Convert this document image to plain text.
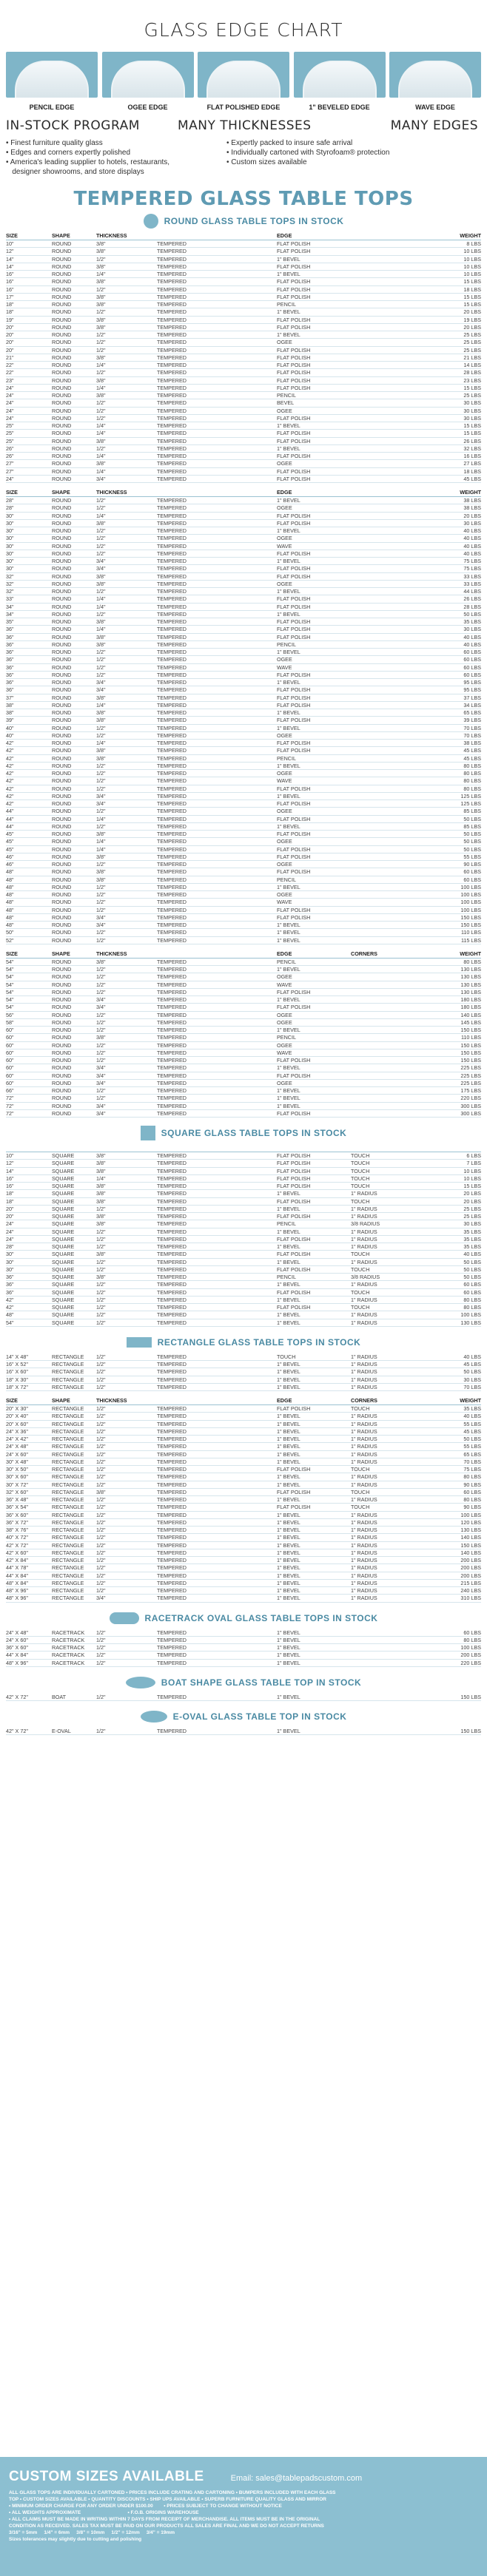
GLASS EDGE CHART
PENCIL EDGE	OGEE EDGE	FLAT POLISHED EDGE	1" BEVELED EDGE	WAVE EDGE
IN-STOCK PROGRAM	MANY THICKNESSES	MANY EDGES
• Finest furniture quality glass
• Edges and corners expertly polished
• America's leading supplier to hotels, restaurants,
designer showrooms, and store displays
• Expertly packed to insure safe arrival
• Individually cartoned with Styrofoam® protection
• Custom sizes available
TEMPERED GLASS TABLE TOPS
ROUND GLASS TABLE TOPS IN STOCK
SIZE	SHAPE	THICKNESS	EDGE	WEIGHT
10"	ROUND	3/8"	TEMPERED	FLAT POLISH	8 LBS
12"	ROUND	3/8"	TEMPERED	FLAT POLISH	10 LBS
14"	ROUND	1/2"	TEMPERED	1" BEVEL	10 LBS
14"	ROUND	3/8"	TEMPERED	FLAT POLISH	10 LBS
16"	ROUND	1/4"	TEMPERED	1" BEVEL	10 LBS
16"	ROUND	3/8"	TEMPERED	FLAT POLISH	15 LBS
16"	ROUND	1/2"	TEMPERED	FLAT POLISH	18 LBS
17"	ROUND	3/8"	TEMPERED	FLAT POLISH	15 LBS
18"	ROUND	3/8"	TEMPERED	PENCIL	15 LBS
18"	ROUND	1/2"	TEMPERED	1" BEVEL	20 LBS
19"	ROUND	3/8"	TEMPERED	FLAT POLISH	19 LBS
20"	ROUND	3/8"	TEMPERED	FLAT POLISH	20 LBS
20"	ROUND	1/2"	TEMPERED	1" BEVEL	25 LBS
20"	ROUND	1/2"	TEMPERED	OGEE	25 LBS
20"	ROUND	1/2"	TEMPERED	FLAT POLISH	25 LBS
21"	ROUND	3/8"	TEMPERED	FLAT POLISH	21 LBS
22"	ROUND	1/4"	TEMPERED	FLAT POLISH	14 LBS
22"	ROUND	1/2"	TEMPERED	FLAT POLISH	28 LBS
23"	ROUND	3/8"	TEMPERED	FLAT POLISH	23 LBS
24"	ROUND	1/4"	TEMPERED	FLAT POLISH	15 LBS
24"	ROUND	3/8"	TEMPERED	PENCIL	25 LBS
24"	ROUND	1/2"	TEMPERED	BEVEL	30 LBS
24"	ROUND	1/2"	TEMPERED	OGEE	30 LBS
24"	ROUND	1/2"	TEMPERED	FLAT POLISH	30 LBS
25"	ROUND	1/4"	TEMPERED	1" BEVEL	15 LBS
25"	ROUND	1/4"	TEMPERED	FLAT POLISH	15 LBS
25"	ROUND	3/8"	TEMPERED	FLAT POLISH	26 LBS
26"	ROUND	1/2"	TEMPERED	1" BEVEL	32 LBS
26"	ROUND	1/4"	TEMPERED	FLAT POLISH	16 LBS
27"	ROUND	3/8"	TEMPERED	OGEE	27 LBS
27"	ROUND	1/4"	TEMPERED	FLAT POLISH	18 LBS
24"	ROUND	3/4"	TEMPERED	FLAT POLISH	45 LBS
SIZE	SHAPE	THICKNESS	EDGE	WEIGHT
28"	ROUND	1/2"	TEMPERED	1" BEVEL	38 LBS
28"	ROUND	1/2"	TEMPERED	OGEE	38 LBS
30"	ROUND	1/4"	TEMPERED	FLAT POLISH	20 LBS
30"	ROUND	3/8"	TEMPERED	FLAT POLISH	30 LBS
30"	ROUND	1/2"	TEMPERED	1" BEVEL	40 LBS
30"	ROUND	1/2"	TEMPERED	OGEE	40 LBS
30"	ROUND	1/2"	TEMPERED	WAVE	40 LBS
30"	ROUND	1/2"	TEMPERED	FLAT POLISH	40 LBS
30"	ROUND	3/4"	TEMPERED	1" BEVEL	75 LBS
30"	ROUND	3/4"	TEMPERED	FLAT POLISH	75 LBS
32"	ROUND	3/8"	TEMPERED	FLAT POLISH	33 LBS
32"	ROUND	3/8"	TEMPERED	OGEE	33 LBS
32"	ROUND	1/2"	TEMPERED	1" BEVEL	44 LBS
33"	ROUND	1/4"	TEMPERED	FLAT POLISH	26 LBS
34"	ROUND	1/4"	TEMPERED	FLAT POLISH	28 LBS
34"	ROUND	1/2"	TEMPERED	1" BEVEL	50 LBS
35"	ROUND	3/8"	TEMPERED	FLAT POLISH	35 LBS
36"	ROUND	1/4"	TEMPERED	FLAT POLISH	30 LBS
36"	ROUND	3/8"	TEMPERED	FLAT POLISH	40 LBS
36"	ROUND	3/8"	TEMPERED	PENCIL	40 LBS
36"	ROUND	1/2"	TEMPERED	1" BEVEL	60 LBS
36"	ROUND	1/2"	TEMPERED	OGEE	60 LBS
36"	ROUND	1/2"	TEMPERED	WAVE	60 LBS
36"	ROUND	1/2"	TEMPERED	FLAT POLISH	60 LBS
36"	ROUND	3/4"	TEMPERED	1" BEVEL	95 LBS
36"	ROUND	3/4"	TEMPERED	FLAT POLISH	95 LBS
37"	ROUND	3/8"	TEMPERED	FLAT POLISH	37 LBS
38"	ROUND	1/4"	TEMPERED	FLAT POLISH	34 LBS
38"	ROUND	3/8"	TEMPERED	1" BEVEL	65 LBS
39"	ROUND	3/8"	TEMPERED	FLAT POLISH	39 LBS
40"	ROUND	1/2"	TEMPERED	1" BEVEL	70 LBS
40"	ROUND	1/2"	TEMPERED	OGEE	70 LBS
42"	ROUND	1/4"	TEMPERED	FLAT POLISH	38 LBS
42"	ROUND	3/8"	TEMPERED	FLAT POLISH	45 LBS
42"	ROUND	3/8"	TEMPERED	PENCIL	45 LBS
42"	ROUND	1/2"	TEMPERED	1" BEVEL	80 LBS
42"	ROUND	1/2"	TEMPERED	OGEE	80 LBS
42"	ROUND	1/2"	TEMPERED	WAVE	80 LBS
42"	ROUND	1/2"	TEMPERED	FLAT POLISH	80 LBS
42"	ROUND	3/4"	TEMPERED	1" BEVEL	125 LBS
42"	ROUND	3/4"	TEMPERED	FLAT POLISH	125 LBS
44"	ROUND	1/2"	TEMPERED	OGEE	85 LBS
44"	ROUND	1/4"	TEMPERED	FLAT POLISH	50 LBS
44"	ROUND	1/2"	TEMPERED	1" BEVEL	85 LBS
45"	ROUND	3/8"	TEMPERED	FLAT POLISH	50 LBS
45"	ROUND	1/4"	TEMPERED	OGEE	50 LBS
45"	ROUND	1/4"	TEMPERED	FLAT POLISH	50 LBS
46"	ROUND	3/8"	TEMPERED	FLAT POLISH	55 LBS
46"	ROUND	1/2"	TEMPERED	OGEE	90 LBS
48"	ROUND	3/8"	TEMPERED	FLAT POLISH	60 LBS
48"	ROUND	3/8"	TEMPERED	PENCIL	60 LBS
48"	ROUND	1/2"	TEMPERED	1" BEVEL	100 LBS
48"	ROUND	1/2"	TEMPERED	OGEE	100 LBS
48"	ROUND	1/2"	TEMPERED	WAVE	100 LBS
48"	ROUND	1/2"	TEMPERED	FLAT POLISH	100 LBS
48"	ROUND	3/4"	TEMPERED	FLAT POLISH	150 LBS
48"	ROUND	3/4"	TEMPERED	1" BEVEL	150 LBS
50"	ROUND	1/2"	TEMPERED	1" BEVEL	110 LBS
52"	ROUND	1/2"	TEMPERED	1" BEVEL	115 LBS
SIZE	SHAPE	THICKNESS	EDGE	CORNERS	WEIGHT
54"	ROUND	3/8"	TEMPERED	PENCIL	80 LBS
54"	ROUND	1/2"	TEMPERED	1" BEVEL	130 LBS
54"	ROUND	1/2"	TEMPERED	OGEE	130 LBS
54"	ROUND	1/2"	TEMPERED	WAVE	130 LBS
54"	ROUND	1/2"	TEMPERED	FLAT POLISH	130 LBS
54"	ROUND	3/4"	TEMPERED	1" BEVEL	180 LBS
54"	ROUND	3/4"	TEMPERED	FLAT POLISH	180 LBS
56"	ROUND	1/2"	TEMPERED	OGEE	140 LBS
58"	ROUND	1/2"	TEMPERED	OGEE	145 LBS
60"	ROUND	1/2"	TEMPERED	1" BEVEL	150 LBS
60"	ROUND	3/8"	TEMPERED	PENCIL	110 LBS
60"	ROUND	1/2"	TEMPERED	OGEE	150 LBS
60"	ROUND	1/2"	TEMPERED	WAVE	150 LBS
60"	ROUND	1/2"	TEMPERED	FLAT POLISH	150 LBS
60"	ROUND	3/4"	TEMPERED	1" BEVEL	225 LBS
60"	ROUND	3/4"	TEMPERED	FLAT POLISH	225 LBS
60"	ROUND	3/4"	TEMPERED	OGEE	225 LBS
66"	ROUND	1/2"	TEMPERED	1" BEVEL	175 LBS
72"	ROUND	1/2"	TEMPERED	1" BEVEL	220 LBS
72"	ROUND	3/4"	TEMPERED	1" BEVEL	300 LBS
72"	ROUND	3/4"	TEMPERED	FLAT POLISH	300 LBS
SQUARE GLASS TABLE TOPS IN STOCK
10"	SQUARE	3/8"	TEMPERED	FLAT POLISH	TOUCH	6 LBS
12"	SQUARE	3/8"	TEMPERED	FLAT POLISH	TOUCH	7 LBS
14"	SQUARE	3/8"	TEMPERED	FLAT POLISH	TOUCH	10 LBS
16"	SQUARE	1/4"	TEMPERED	FLAT POLISH	TOUCH	10 LBS
16"	SQUARE	3/8"	TEMPERED	FLAT POLISH	TOUCH	15 LBS
18"	SQUARE	3/8"	TEMPERED	1" BEVEL	1" RADIUS	20 LBS
18"	SQUARE	3/8"	TEMPERED	FLAT POLISH	TOUCH	20 LBS
20"	SQUARE	1/2"	TEMPERED	1" BEVEL	1" RADIUS	25 LBS
20"	SQUARE	3/8"	TEMPERED	FLAT POLISH	1" RADIUS	25 LBS
24"	SQUARE	3/8"	TEMPERED	PENCIL	3/8 RADIUS	30 LBS
24"	SQUARE	1/2"	TEMPERED	1" BEVEL	1" RADIUS	35 LBS
24"	SQUARE	1/2"	TEMPERED	FLAT POLISH	1" RADIUS	35 LBS
28"	SQUARE	1/2"	TEMPERED	1" BEVEL	1" RADIUS	35 LBS
30"	SQUARE	3/8"	TEMPERED	FLAT POLISH	TOUCH	40 LBS
30"	SQUARE	1/2"	TEMPERED	1" BEVEL	1" RADIUS	50 LBS
30"	SQUARE	1/2"	TEMPERED	FLAT POLISH	TOUCH	50 LBS
36"	SQUARE	3/8"	TEMPERED	PENCIL	3/8 RADIUS	50 LBS
36"	SQUARE	1/2"	TEMPERED	1" BEVEL	1" RADIUS	60 LBS
36"	SQUARE	1/2"	TEMPERED	FLAT POLISH	TOUCH	60 LBS
42"	SQUARE	1/2"	TEMPERED	1" BEVEL	1" RADIUS	80 LBS
42"	SQUARE	1/2"	TEMPERED	FLAT POLISH	TOUCH	80 LBS
48"	SQUARE	1/2"	TEMPERED	1" BEVEL	1" RADIUS	100 LBS
54"	SQUARE	1/2"	TEMPERED	1" BEVEL	1" RADIUS	130 LBS
RECTANGLE GLASS TABLE TOPS IN STOCK
14" X 48"	RECTANGLE	1/2"	TEMPERED	TOUCH	1" RADIUS	40 LBS
16" X 52"	RECTANGLE	1/2"	TEMPERED	1" BEVEL	1" RADIUS	45 LBS
16" X 60"	RECTANGLE	1/2"	TEMPERED	1" BEVEL	1" RADIUS	50 LBS
18" X 30"	RECTANGLE	1/2"	TEMPERED	1" BEVEL	1" RADIUS	30 LBS
18" X 72"	RECTANGLE	1/2"	TEMPERED	1" BEVEL	1" RADIUS	70 LBS
SIZE	SHAPE	THICKNESS	EDGE	CORNERS	WEIGHT
20" X 30"	RECTANGLE	1/2"	TEMPERED	FLAT POLISH	TOUCH	35 LBS
20" X 40"	RECTANGLE	1/2"	TEMPERED	1" BEVEL	1" RADIUS	40 LBS
20" X 60"	RECTANGLE	1/2"	TEMPERED	1" BEVEL	1" RADIUS	55 LBS
24" X 36"	RECTANGLE	1/2"	TEMPERED	1" BEVEL	1" RADIUS	45 LBS
24" X 42"	RECTANGLE	1/2"	TEMPERED	1" BEVEL	1" RADIUS	50 LBS
24" X 48"	RECTANGLE	1/2"	TEMPERED	1" BEVEL	1" RADIUS	55 LBS
24" X 60"	RECTANGLE	1/2"	TEMPERED	1" BEVEL	1" RADIUS	65 LBS
30" X 48"	RECTANGLE	1/2"	TEMPERED	1" BEVEL	1" RADIUS	70 LBS
30" X 50"	RECTANGLE	1/2"	TEMPERED	FLAT POLISH	TOUCH	75 LBS
30" X 60"	RECTANGLE	1/2"	TEMPERED	1" BEVEL	1" RADIUS	80 LBS
30" X 72"	RECTANGLE	1/2"	TEMPERED	1" BEVEL	1" RADIUS	90 LBS
32" X 60"	RECTANGLE	3/8"	TEMPERED	FLAT POLISH	TOUCH	60 LBS
36" X 48"	RECTANGLE	1/2"	TEMPERED	1" BEVEL	1" RADIUS	80 LBS
36" X 54"	RECTANGLE	1/2"	TEMPERED	FLAT POLISH	TOUCH	90 LBS
36" X 60"	RECTANGLE	1/2"	TEMPERED	1" BEVEL	1" RADIUS	100 LBS
36" X 72"	RECTANGLE	1/2"	TEMPERED	1" BEVEL	1" RADIUS	120 LBS
38" X 76"	RECTANGLE	1/2"	TEMPERED	1" BEVEL	1" RADIUS	130 LBS
40" X 72"	RECTANGLE	1/2"	TEMPERED	1" BEVEL	1" RADIUS	140 LBS
42" X 72"	RECTANGLE	1/2"	TEMPERED	1" BEVEL	1" RADIUS	150 LBS
42" X 60"	RECTANGLE	1/2"	TEMPERED	1" BEVEL	1" RADIUS	140 LBS
42" X 84"	RECTANGLE	1/2"	TEMPERED	1" BEVEL	1" RADIUS	200 LBS
44" X 78"	RECTANGLE	1/2"	TEMPERED	1" BEVEL	1" RADIUS	200 LBS
44" X 84"	RECTANGLE	1/2"	TEMPERED	1" BEVEL	1" RADIUS	200 LBS
48" X 84"	RECTANGLE	1/2"	TEMPERED	1" BEVEL	1" RADIUS	215 LBS
48" X 96"	RECTANGLE	1/2"	TEMPERED	1" BEVEL	1" RADIUS	240 LBS
48" X 96"	RECTANGLE	3/4"	TEMPERED	1" BEVEL	1" RADIUS	310 LBS
RACETRACK OVAL GLASS TABLE TOPS IN STOCK
24" X 48"	RACETRACK	1/2"	TEMPERED	1" BEVEL	60 LBS
24" X 60"	RACETRACK	1/2"	TEMPERED	1" BEVEL	80 LBS
36" X 60"	RACETRACK	1/2"	TEMPERED	1" BEVEL	100 LBS
44" X 84"	RACETRACK	1/2"	TEMPERED	1" BEVEL	200 LBS
48" X 96"	RACETRACK	1/2"	TEMPERED	1" BEVEL	220 LBS
BOAT SHAPE GLASS TABLE TOP IN STOCK
42" X 72"	BOAT	1/2"	TEMPERED	1" BEVEL	150 LBS
E-OVAL GLASS TABLE TOP IN STOCK
42" X 72"	E-OVAL	1/2"	TEMPERED	1" BEVEL	150 LBS
CUSTOM SIZES AVAILABLE	Email: sales@tablepadscustom.com
ALL GLASS TOPS ARE INDIVIDUALLY CARTONED • PRICES INCLUDE CRATING AND CARTONING • BUMPERS INCLUDED WITH EACH GLASS
TOP • CUSTOM SIZES AVAILABLE • QUANTITY DISCOUNTS • SHIP UPS AVAILABLE • SUPERB FURNITURE QUALITY GLASS AND MIRROR
• MINIMUM ORDER CHARGE FOR ANY ORDER UNDER $100.00        • PRICES SUBJECT TO CHANGE WITHOUT NOTICE
• ALL WEIGHTS APPROXIMATE                                   • F.O.B. ORIGINS WAREHOUSE
• ALL CLAIMS MUST BE MADE IN WRITING WITHIN 7 DAYS FROM RECEIPT OF MERCHANDISE. ALL ITEMS MUST BE IN THE ORIGINAL
CONDITION AS RECEIVED. SALES TAX MUST BE PAID ON OUR PRODUCTS ALL SALES ARE FINAL AND WE DO NOT ACCEPT RETURNS
3/16" = 5mm     1/4" = 6mm     3/8" = 10mm     1/2" = 12mm     3/4" = 19mm
Sizes tolerances may slightly due to cutting and polishing
